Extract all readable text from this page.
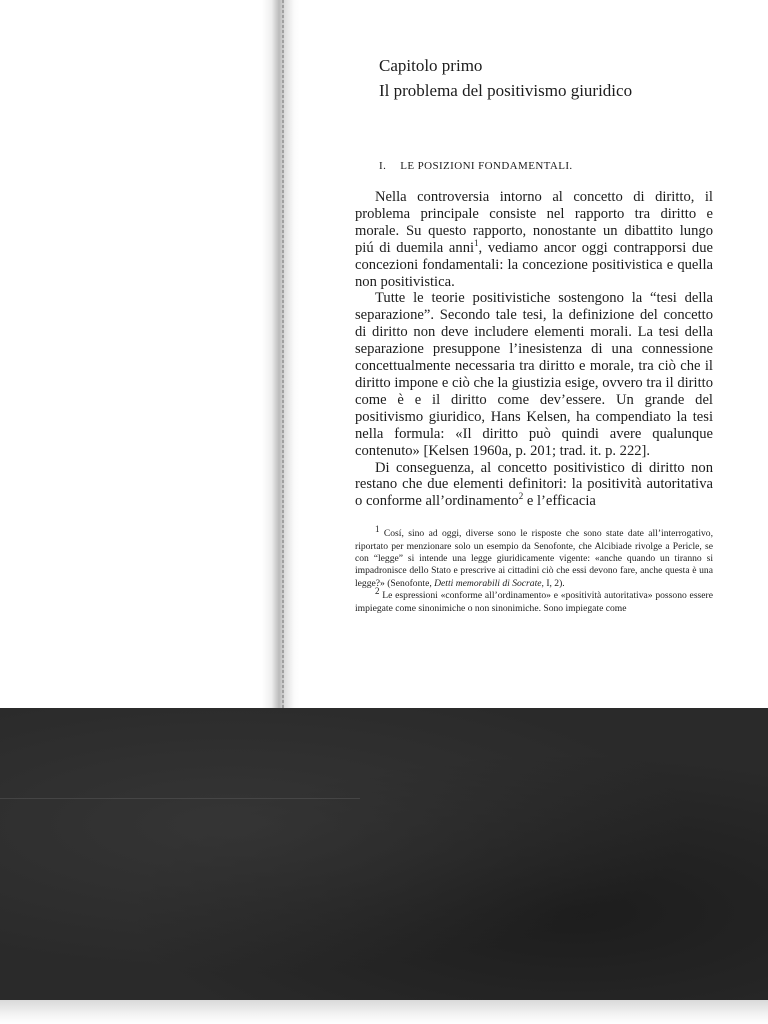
Capitolo primo
Il problema del positivismo giuridico
I. LE POSIZIONI FONDAMENTALI.

Nella controversia intorno al concetto di diritto, il problema principale consiste nel rapporto tra diritto e morale. Su questo rapporto, nonostante un dibattito lungo piú di duemila anni$^1$, vediamo ancor oggi contrapporsi due concezioni fondamentali: la concezione positivistica e quella non positivistica.

Tutte le teorie positivistiche sostengono la “tesi della separazione”. Secondo tale tesi, la definizione del concetto di diritto non deve includere elementi morali. La tesi della separazione presuppone l’inesistenza di una connessione concettualmente necessaria tra diritto e morale, tra ciò che il diritto impone e ciò che la giustizia esige, ovvero tra il diritto come è e il diritto come dev’essere. Un grande del positivismo giuridico, Hans Kelsen, ha compendiato la tesi nella formula: «Il diritto può quindi avere qualunque contenuto» [Kelsen 1960a, p. 201; trad. it. p. 222].

Di conseguenza, al concetto positivistico di diritto non restano che due elementi definitori: la positività autoritativa o conforme all’ordinamento$^2$ e l’efficacia

$^1$ Cosí, sino ad oggi, diverse sono le risposte che sono state date all’interrogativo, riportato per menzionare solo un esempio da Senofonte, che Alcibiade rivolge a Pericle, se con “legge” si intende una legge giuridicamente vigente: «anche quando un tiranno si impadronisce dello Stato e prescrive ai cittadini ciò che essi devono fare, anche questa è una legge?» (Senofonte, Detti memorabili di Socrate, I, 2).

$^2$ Le espressioni «conforme all’ordinamento» e «positività autoritativa» possono essere impiegate come sinonimiche o non sinonimiche. Sono impiegate come
